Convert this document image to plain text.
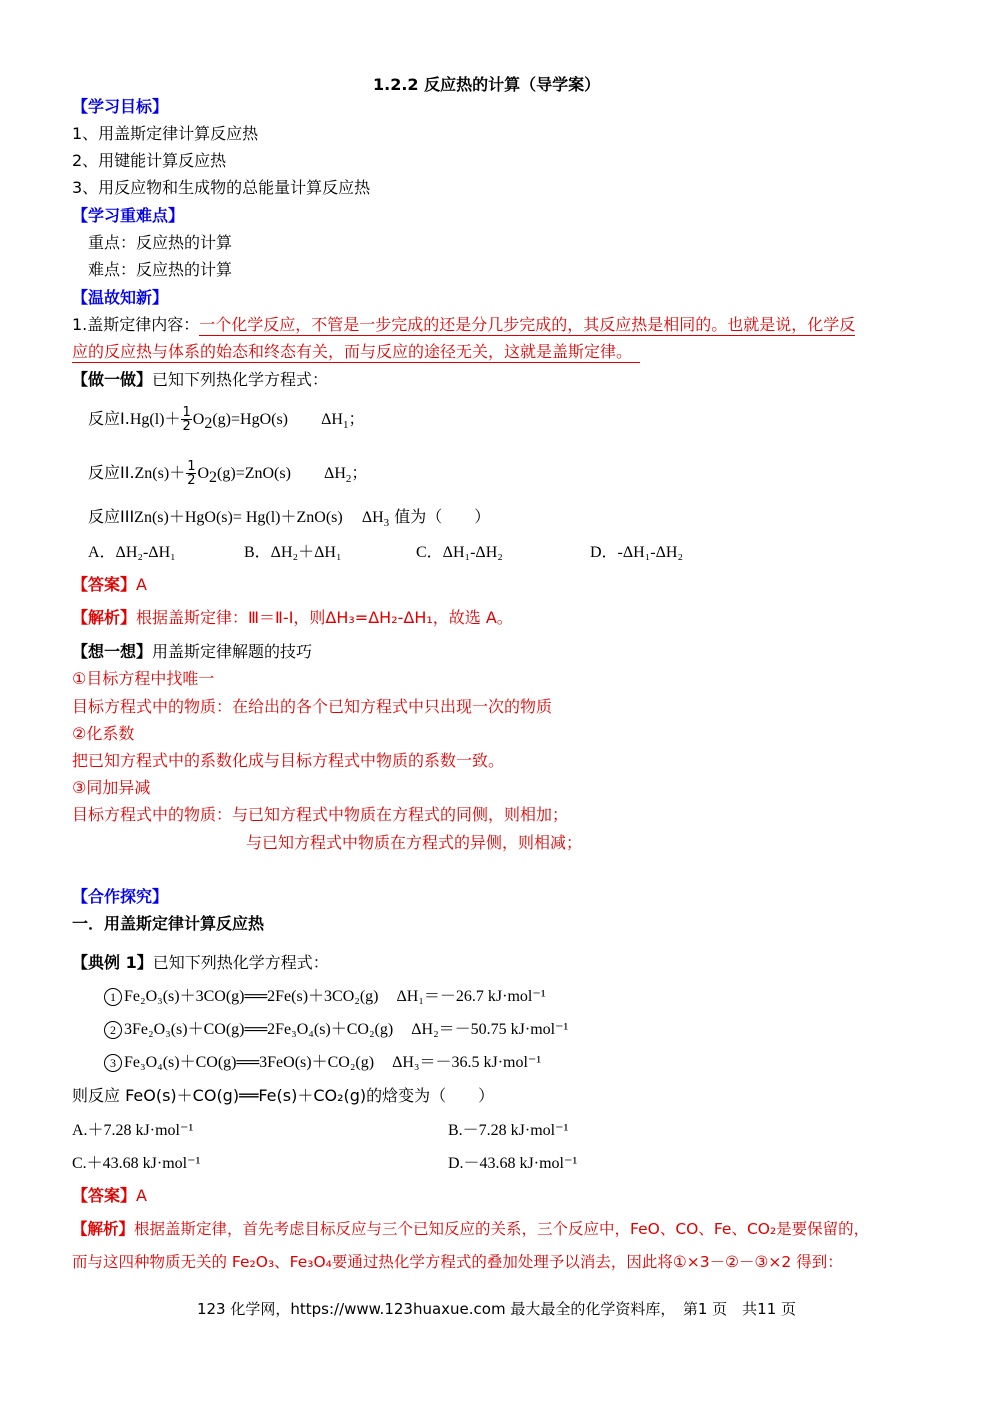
1.2.2 反应热的计算（导学案）
【学习目标】
1、用盖斯定律计算反应热
2、用键能计算反应热
3、用反应物和生成物的总能量计算反应热
【学习重难点】
重点：反应热的计算
难点：反应热的计算
【温故知新】
1.盖斯定律内容：一个化学反应，不管是一步完成的还是分几步完成的，其反应热是相同的。也就是说，化学反
应的反应热与体系的始态和终态有关，而与反应的途径无关，这就是盖斯定律。
【做一做】已知下列热化学方程式：
反应$I.Hg(l)+ \frac{1}{2} O_2(g)=HgO(s)$ $\Delta H_1$；
反应$II.Zn(s)+ \frac{1}{2} O_2(g)=ZnO(s)$ $\Delta H_2$；
反应IIIZn(s)＋HgO(s)= Hg(l)＋ZnO(s) $\Delta H_3$ 值为（　　）
A．ΔH₂-ΔH₁	B．ΔH₂＋ΔH₁	C．ΔH₁-ΔH₂	D．-ΔH₁-ΔH₂
【答案】A
【解析】根据盖斯定律：Ⅲ＝Ⅱ-Ⅰ，则ΔH₃=ΔH₂-ΔH₁，故选 A。
【想一想】用盖斯定律解题的技巧
①目标方程中找唯一
目标方程式中的物质：在给出的各个已知方程式中只出现一次的物质
②化系数
把已知方程式中的系数化成与目标方程式中物质的系数一致。
③同加异减
目标方程式中的物质：与已知方程式中物质在方程式的同侧，则相加；
与已知方程式中物质在方程式的异侧，则相减；
【合作探究】
一．用盖斯定律计算反应热
【典例 1】已知下列热化学方程式：
1 Fe₂O₃(s)＋3CO(g)══2Fe(s)＋3CO₂(g) ΔH₁＝－26.7 kJ·mol⁻¹
2 3Fe₂O₃(s)＋CO(g)══2Fe₃O₄(s)＋CO₂(g) ΔH₂＝－50.75 kJ·mol⁻¹
3 Fe₃O₄(s)＋CO(g)══3FeO(s)＋CO₂(g) ΔH₃＝－36.5 kJ·mol⁻¹
则反应 FeO(s)＋CO(g)══Fe(s)＋CO₂(g)的焓变为（　　）
A.＋7.28 kJ·mol⁻¹	B.－7.28 kJ·mol⁻¹
C.＋43.68 kJ·mol⁻¹	D.－43.68 kJ·mol⁻¹
【答案】A
【解析】根据盖斯定律，首先考虑目标反应与三个已知反应的关系，三个反应中，FeO、CO、Fe、CO₂是要保留的，
而与这四种物质无关的 Fe₂O₃、Fe₃O₄要通过热化学方程式的叠加处理予以消去，因此将①×3－②－③×2 得到：
123 化学网，https://www.123huaxue.com 最大最全的化学资料库，　第1 页　共11 页
